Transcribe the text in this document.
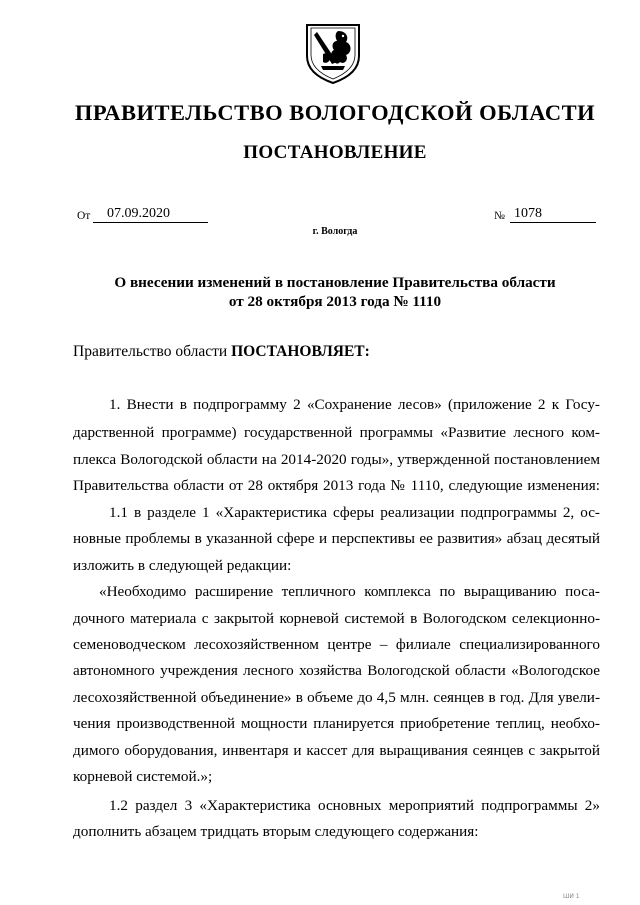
ПРАВИТЕЛЬСТВО ВОЛОГОДСКОЙ ОБЛАСТИ
ПОСТАНОВЛЕНИЕ
От	07.09.2020	№ 1078
г. Вологда
О внесении изменений в постановление Правительства области
от 28 октября 2013 года № 1110
Правительство области ПОСТАНОВЛЯЕТ:
1. Внести в подпрограмму 2 «Сохранение лесов» (приложение 2 к Госу-
дарственной программе) государственной программы «Развитие лесного ком-
плекса Вологодской области на 2014-2020 годы», утвержденной постановлением
Правительства области от 28 октября 2013 года № 1110, следующие изменения:
1.1 в разделе 1 «Характеристика сферы реализации подпрограммы 2, ос-
новные проблемы в указанной сфере и перспективы ее развития» абзац десятый
изложить в следующей редакции:
«Необходимо расширение тепличного комплекса по выращиванию поса-
дочного материала с закрытой корневой системой в Вологодском селекционно-
семеноводческом лесохозяйственном центре – филиале специализированного
автономного учреждения лесного хозяйства Вологодской области «Вологодское
лесохозяйственной объединение» в объеме до 4,5 млн. сеянцев в год. Для увели-
чения производственной мощности планируется приобретение теплиц, необхо-
димого оборудования, инвентаря и кассет для выращивания сеянцев с закрытой
корневой системой.»;
1.2 раздел 3 «Характеристика основных мероприятий подпрограммы 2»
дополнить абзацем тридцать вторым следующего содержания:
ШИ 1
